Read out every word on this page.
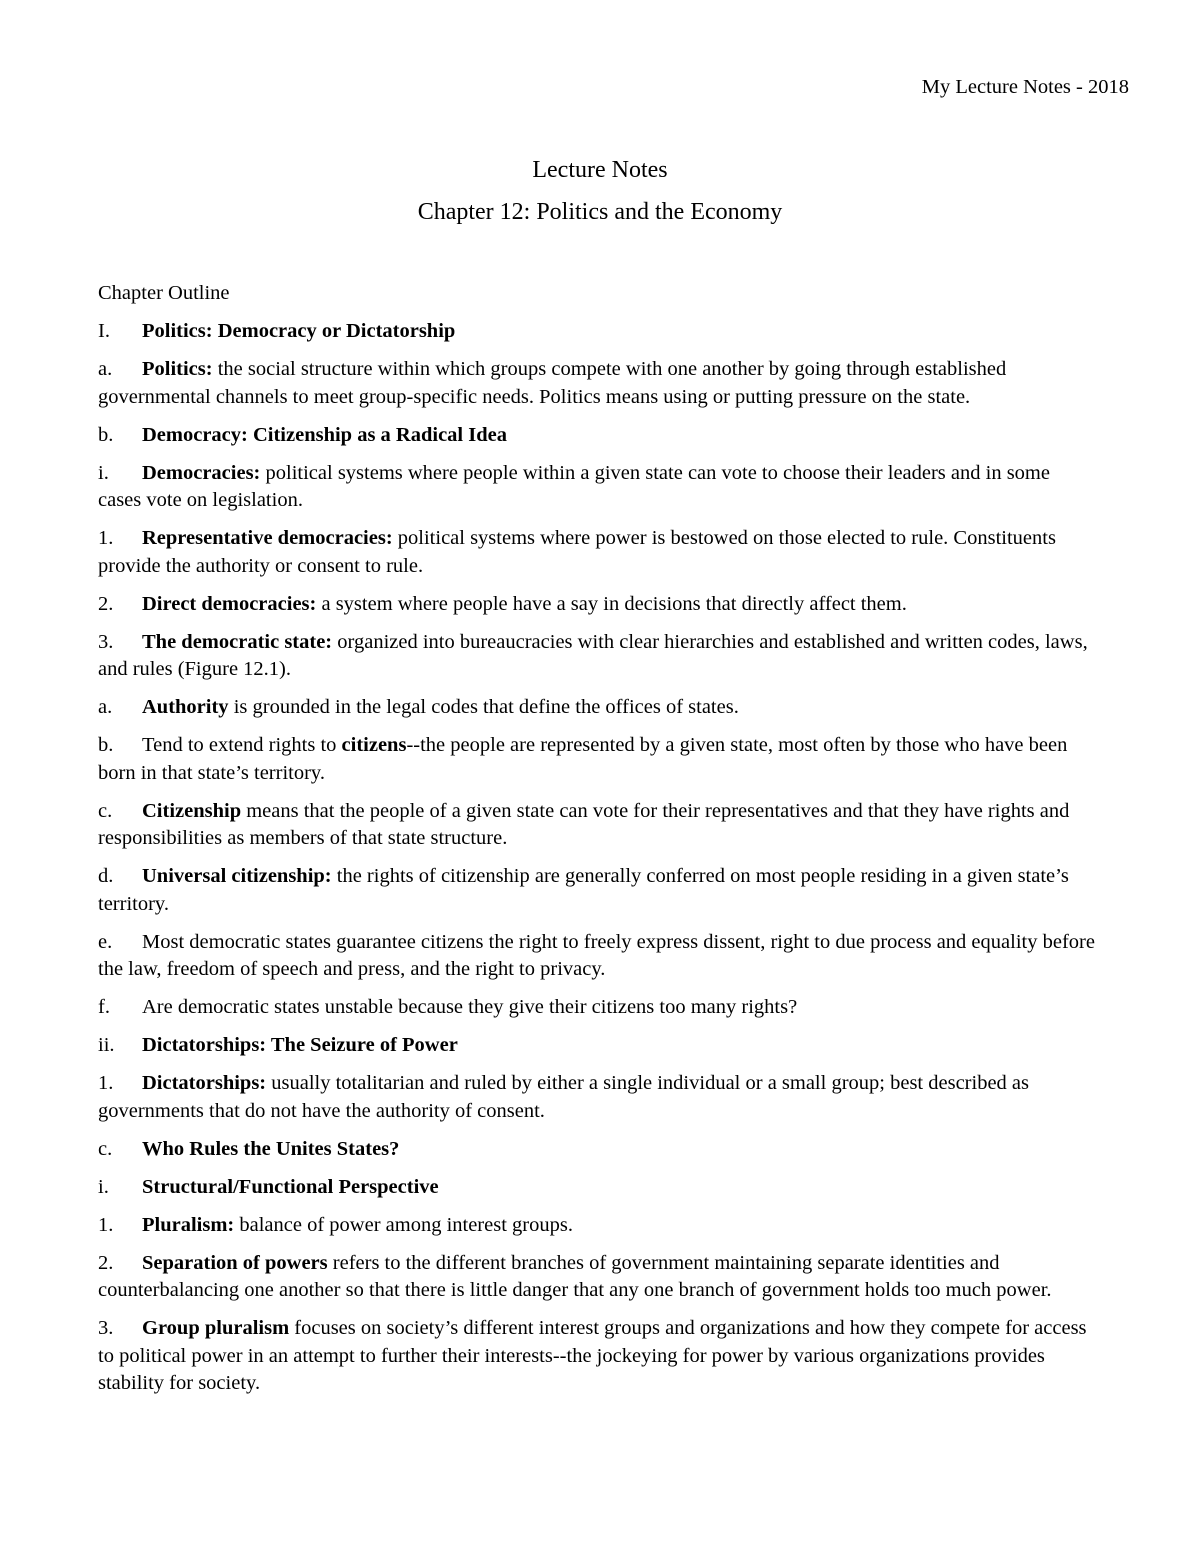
My Lecture Notes - 2018
Lecture Notes
Chapter 12: Politics and the Economy
Chapter Outline
I. Politics: Democracy or Dictatorship
a. Politics: the social structure within which groups compete with one another by going through established governmental channels to meet group-specific needs. Politics means using or putting pressure on the state.
b. Democracy: Citizenship as a Radical Idea
i. Democracies: political systems where people within a given state can vote to choose their leaders and in some cases vote on legislation.
1. Representative democracies: political systems where power is bestowed on those elected to rule. Constituents provide the authority or consent to rule.
2. Direct democracies: a system where people have a say in decisions that directly affect them.
3. The democratic state: organized into bureaucracies with clear hierarchies and established and written codes, laws, and rules (Figure 12.1).
a. Authority is grounded in the legal codes that define the offices of states.
b. Tend to extend rights to citizens--the people are represented by a given state, most often by those who have been born in that state’s territory.
c. Citizenship means that the people of a given state can vote for their representatives and that they have rights and responsibilities as members of that state structure.
d. Universal citizenship: the rights of citizenship are generally conferred on most people residing in a given state’s territory.
e. Most democratic states guarantee citizens the right to freely express dissent, right to due process and equality before the law, freedom of speech and press, and the right to privacy.
f. Are democratic states unstable because they give their citizens too many rights?
ii. Dictatorships: The Seizure of Power
1. Dictatorships: usually totalitarian and ruled by either a single individual or a small group; best described as governments that do not have the authority of consent.
c. Who Rules the Unites States?
i. Structural/Functional Perspective
1. Pluralism: balance of power among interest groups.
2. Separation of powers refers to the different branches of government maintaining separate identities and counterbalancing one another so that there is little danger that any one branch of government holds too much power.
3. Group pluralism focuses on society’s different interest groups and organizations and how they compete for access to political power in an attempt to further their interests--the jockeying for power by various organizations provides stability for society.
